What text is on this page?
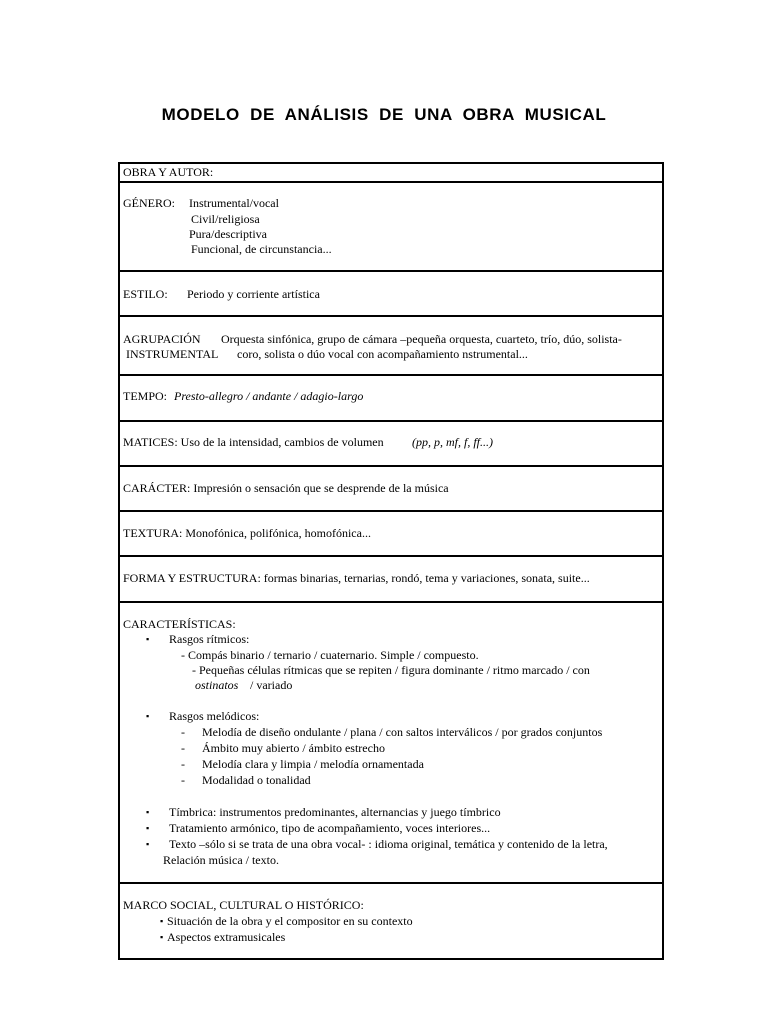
MODELO DE ANÁLISIS DE UNA OBRA MUSICAL
OBRA Y AUTOR:
GÉNERO: Instrumental/vocal
Civil/religiosa
Pura/descriptiva
Funcional, de circunstancia...
ESTILO: Periodo y corriente artística
AGRUPACIÓN Orquesta sinfónica, grupo de cámara –pequeña orquesta, cuarteto, trío, dúo, solista-
INSTRUMENTAL coro, solista o dúo vocal con acompañamiento nstrumental...
TEMPO: Presto-allegro / andante / adagio-largo
MATICES: Uso de la intensidad, cambios de volumen (pp, p, mf, f, ff...)
CARÁCTER: Impresión o sensación que se desprende de la música
TEXTURA: Monofónica, polifónica, homofónica...
FORMA Y ESTRUCTURA: formas binarias, ternarias, rondó, tema y variaciones, sonata, suite...
CARACTERÍSTICAS:
▪ Rasgos rítmicos:
- Compás binario / ternario / cuaternario. Simple / compuesto.
- Pequeñas células rítmicas que se repiten / figura dominante / ritmo marcado / con
ostinatos / variado
▪ Rasgos melódicos:
- Melodía de diseño ondulante / plana / con saltos interválicos / por grados conjuntos
- Ámbito muy abierto / ámbito estrecho
- Melodía clara y limpia / melodía ornamentada
- Modalidad o tonalidad
▪ Tímbrica: instrumentos predominantes, alternancias y juego tímbrico
▪ Tratamiento armónico, tipo de acompañamiento, voces interiores...
▪ Texto –sólo si se trata de una obra vocal- : idioma original, temática y contenido de la letra,
Relación música / texto.
MARCO SOCIAL, CULTURAL O HISTÓRICO:
▪ Situación de la obra y el compositor en su contexto
▪ Aspectos extramusicales
